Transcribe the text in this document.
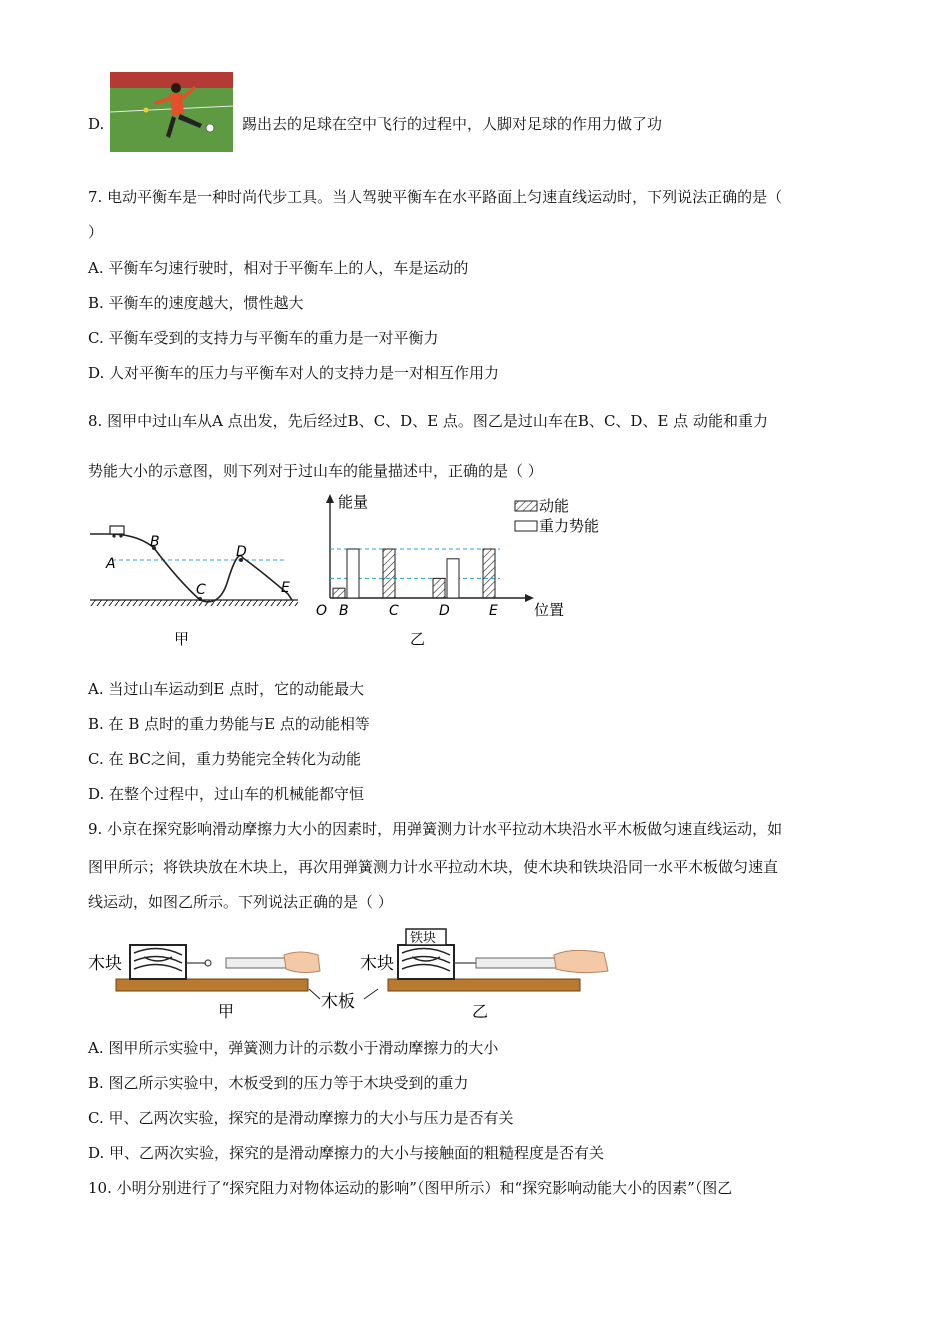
D.	踢出去的足球在空中飞行的过程中，人脚对足球的作用力做了功
7. 电动平衡车是一种时尚代步工具。当人驾驶平衡车在水平路面上匀速直线运动时，下列说法正确的是（
）
A. 平衡车匀速行驶时，相对于平衡车上的人，车是运动的
B. 平衡车的速度越大，惯性越大
C. 平衡车受到的支持力与平衡车的重力是一对平衡力
D. 人对平衡车的压力与平衡车对人的支持力是一对相互作用力
8. 图甲中过山车从A 点出发，先后经过B、C、D、E 点。图乙是过山车在B、C、D、E 点 动能和重力
势能大小的示意图，则下列对于过山车的能量描述中，正确的是（ ）
A
B
C
D
E
甲
能量
位置
O
动能
重力势能
B	C	D	E
乙
A. 当过山车运动到E 点时，它的动能最大
B. 在 B 点时的重力势能与E 点的动能相等
C. 在 BC之间，重力势能完全转化为动能
D. 在整个过程中，过山车的机械能都守恒
9. 小京在探究影响滑动摩擦力大小的因素时，用弹簧测力计水平拉动木块沿水平木板做匀速直线运动，如
图甲所示；将铁块放在木块上，再次用弹簧测力计水平拉动木块，使木块和铁块沿同一水平木板做匀速直
线运动，如图乙所示。下列说法正确的是（ ）
木块
甲	木板
木块
铁块
乙
A. 图甲所示实验中，弹簧测力计的示数小于滑动摩擦力的大小
B. 图乙所示实验中，木板受到的压力等于木块受到的重力
C. 甲、乙两次实验，探究的是滑动摩擦力的大小与压力是否有关
D. 甲、乙两次实验，探究的是滑动摩擦力的大小与接触面的粗糙程度是否有关
10. 小明分别进行了“探究阻力对物体运动的影响”（图甲所示）和“探究影响动能大小的因素”（图乙
